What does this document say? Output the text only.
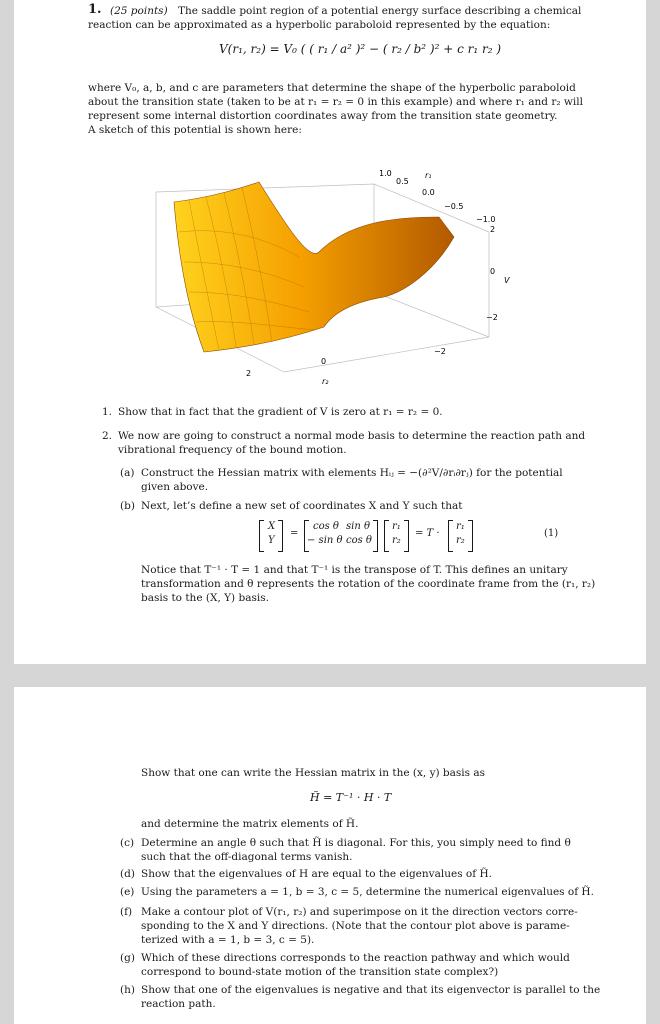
1. (25 points) The saddle point region of a potential energy surface describing a chemical
reaction can be approximated as a hyperbolic paraboloid represented by the equation:
V(r₁, r₂) = V₀ ( ( r₁ / a² )² − ( r₂ / b² )² + c r₁ r₂ )
where V₀, a, b, and c are parameters that determine the shape of the hyperbolic paraboloid
about the transition state (taken to be at r₁ = r₂ = 0 in this example) and where r₁ and r₂ will
represent some internal distortion coordinates away from the transition state geometry.
A sketch of this potential is shown here:
1.0
0.5
0.0
−0.5
−1.0
r₁
2
0
−2
V
−2
0
2
r₂
1. Show that in fact that the gradient of V is zero at r₁ = r₂ = 0.
2. We now are going to construct a normal mode basis to determine the reaction path and
vibrational frequency of the bound motion.
(a) Construct the Hessian matrix with elements Hᵢⱼ = −(∂²V/∂rᵢ∂rⱼ) for the potential
given above.
(b) Next, let’s define a new set of coordinates X and Y such that
X
Y
=
cos θ sin θ
− sin θ cos θ
r₁
r₂
= T ·
r₁
r₂
(1)
Notice that T⁻¹ · T = 1 and that T⁻¹ is the transpose of T. This defines an unitary
transformation and θ represents the rotation of the coordinate frame from the (r₁, r₂)
basis to the (X, Y) basis.
Show that one can write the Hessian matrix in the (x, y) basis as
H̃ = T⁻¹ · H · T
and determine the matrix elements of H̃.
(c) Determine an angle θ such that H̃ is diagonal. For this, you simply need to find θ
such that the off-diagonal terms vanish.
(d) Show that the eigenvalues of H are equal to the eigenvalues of H̃.
(e) Using the parameters a = 1, b = 3, c = 5, determine the numerical eigenvalues of H̃.
(f) Make a contour plot of V(r₁, r₂) and superimpose on it the direction vectors corre-
sponding to the X and Y directions. (Note that the contour plot above is parame-
terized with a = 1, b = 3, c = 5).
(g) Which of these directions corresponds to the reaction pathway and which would
correspond to bound-state motion of the transition state complex?)
(h) Show that one of the eigenvalues is negative and that its eigenvector is parallel to the
reaction path.
